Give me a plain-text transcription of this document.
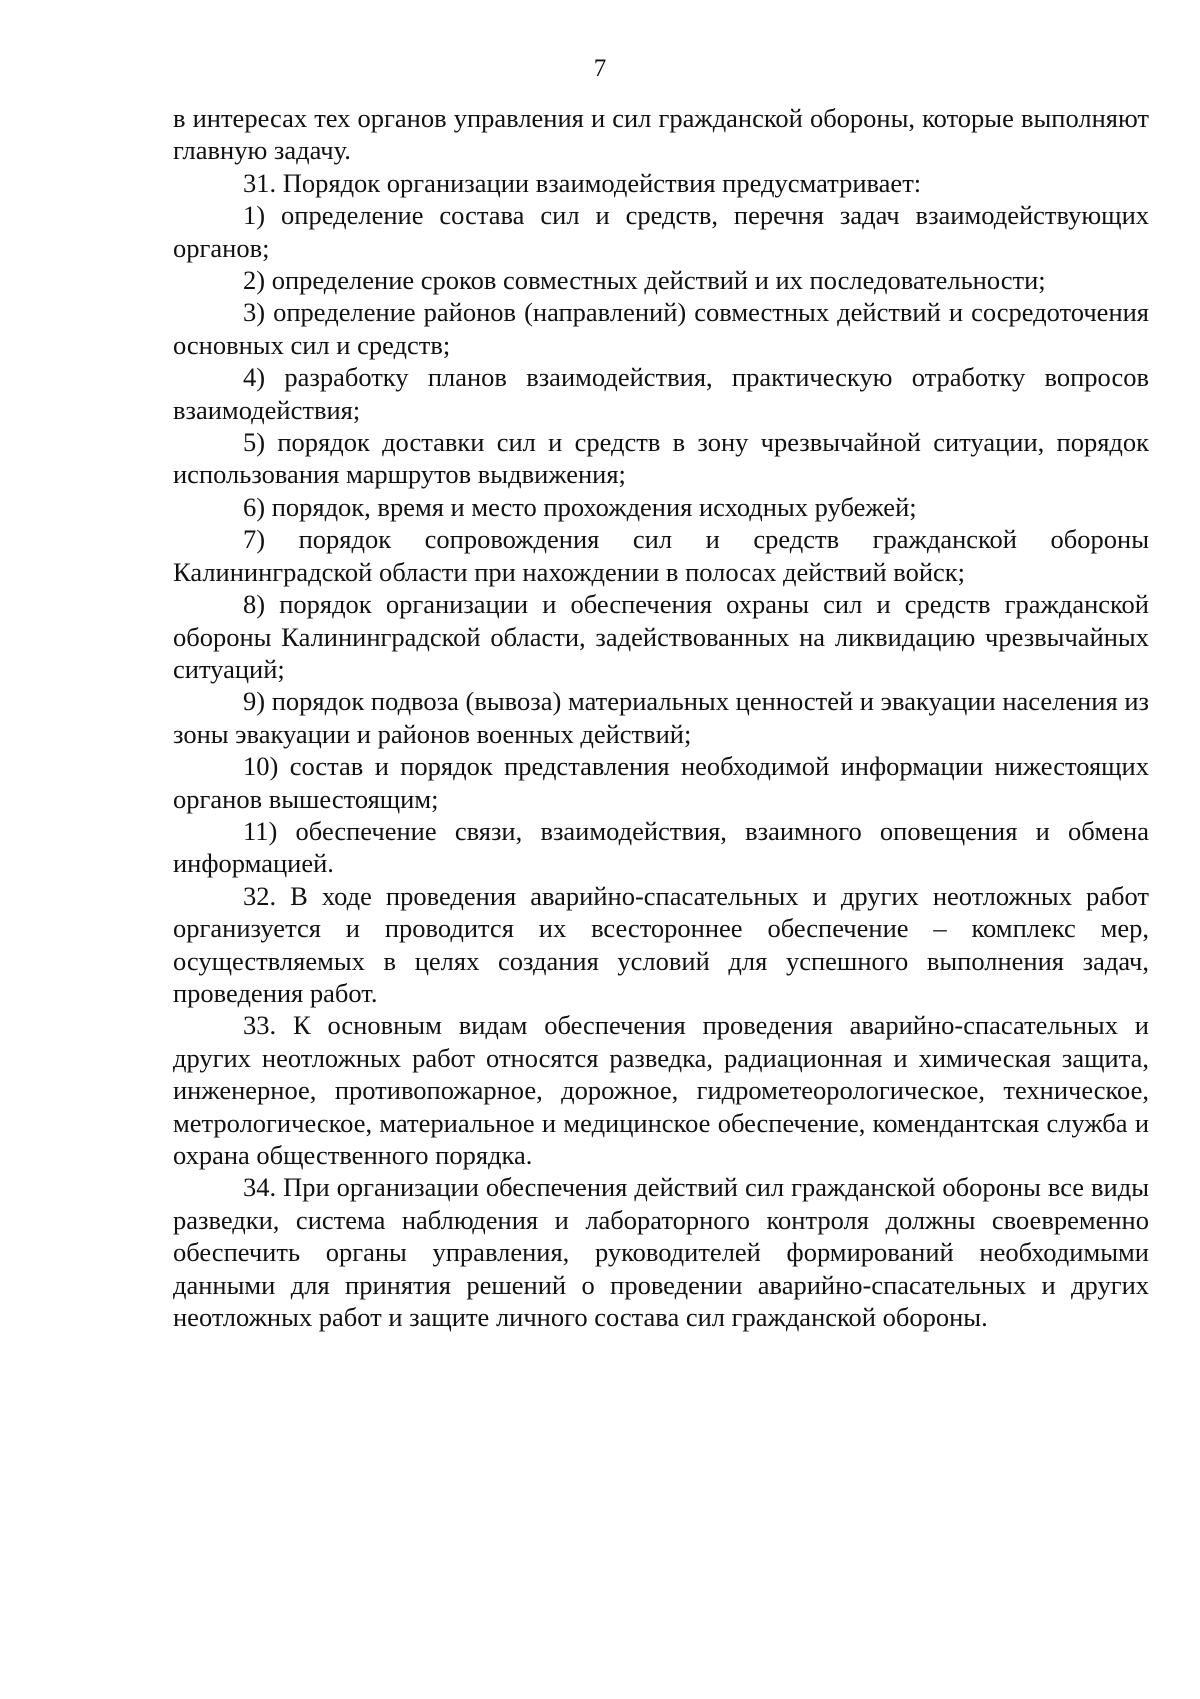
7

в интересах тех органов управления и сил гражданской обороны, которые выполняют главную задачу.

31. Порядок организации взаимодействия предусматривает:

1) определение состава сил и средств, перечня задач взаимодействующих органов;

2) определение сроков совместных действий и их последовательности;

3) определение районов (направлений) совместных действий и сосредоточения основных сил и средств;

4) разработку планов взаимодействия, практическую отработку вопросов взаимодействия;

5) порядок доставки сил и средств в зону чрезвычайной ситуации, порядок использования маршрутов выдвижения;

6) порядок, время и место прохождения исходных рубежей;

7) порядок сопровождения сил и средств гражданской обороны Калининградской области при нахождении в полосах действий войск;

8) порядок организации и обеспечения охраны сил и средств гражданской обороны Калининградской области, задействованных на ликвидацию чрезвычайных ситуаций;

9) порядок подвоза (вывоза) материальных ценностей и эвакуации населения из зоны эвакуации и районов военных действий;

10) состав и порядок представления необходимой информации нижестоящих органов вышестоящим;

11) обеспечение связи, взаимодействия, взаимного оповещения и обмена информацией.

32. В ходе проведения аварийно-спасательных и других неотложных работ организуется и проводится их всестороннее обеспечение – комплекс мер, осуществляемых в целях создания условий для успешного выполнения задач, проведения работ.

33. К основным видам обеспечения проведения аварийно-спасательных и других неотложных работ относятся разведка, радиационная и химическая защита, инженерное, противопожарное, дорожное, гидрометеорологическое, техническое, метрологическое, материальное и медицинское обеспечение, комендантская служба и охрана общественного порядка.

34. При организации обеспечения действий сил гражданской обороны все виды разведки, система наблюдения и лабораторного контроля должны своевременно обеспечить органы управления, руководителей формирований необходимыми данными для принятия решений о проведении аварийно-спасательных и других неотложных работ и защите личного состава сил гражданской обороны.
